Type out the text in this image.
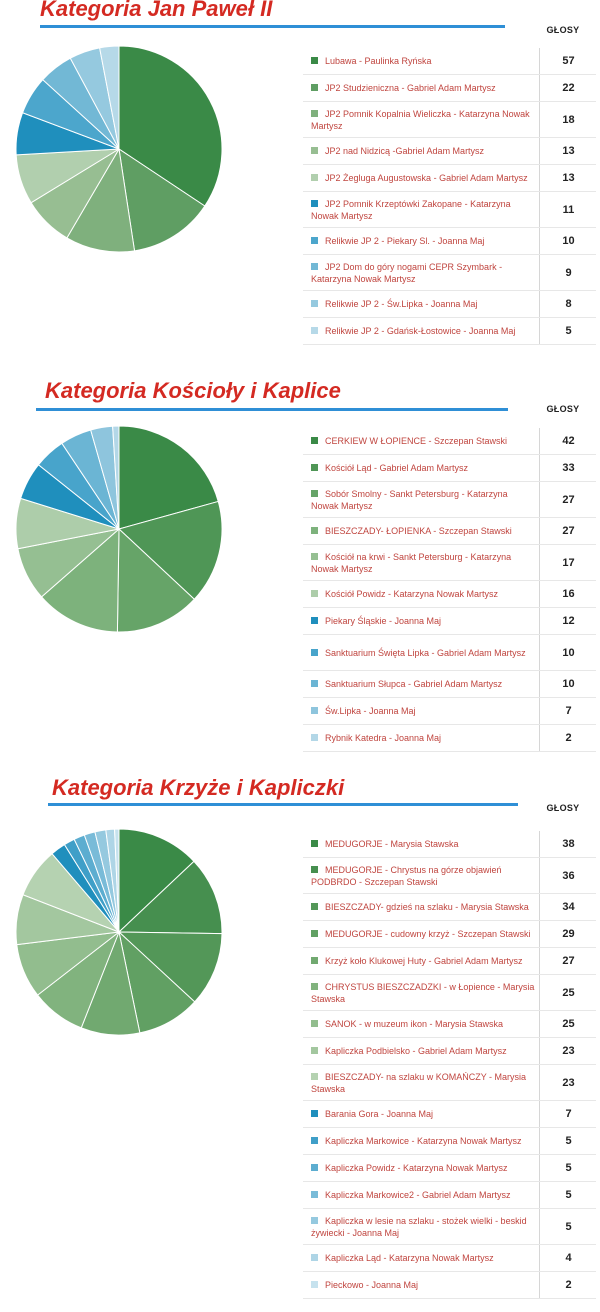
Kategoria Jan Paweł II
GŁOSY
Lubawa - Paulinka Ryńska	57
JP2 Studzieniczna - Gabriel Adam Martysz	22
JP2 Pomnik Kopalnia Wieliczka - Katarzyna Nowak Martysz	18
JP2 nad Nidzicą -Gabriel Adam Martysz	13
JP2 Żegluga Augustowska - Gabriel Adam Martysz	13
JP2 Pomnik Krzeptówki Zakopane - Katarzyna Nowak Martysz	11
Relikwie JP 2 - Piekary Sl. - Joanna Maj	10
JP2 Dom do góry nogami CEPR Szymbark - Katarzyna Nowak Martysz	9
Relikwie JP 2 - Św.Lipka - Joanna Maj	8
Relikwie JP 2 - Gdańsk-Łostowice - Joanna Maj	5
Kategoria Kościoły i Kaplice
GŁOSY
CERKIEW W ŁOPIENCE - Szczepan Stawski	42
Kościół Ląd - Gabriel Adam Martysz	33
Sobór Smolny - Sankt Petersburg - Katarzyna Nowak Martysz	27
BIESZCZADY- ŁOPIENKA - Szczepan Stawski	27
Kościół na krwi - Sankt Petersburg - Katarzyna Nowak Martysz	17
Kościół Powidz - Katarzyna Nowak Martysz	16
Piekary Śląskie - Joanna Maj	12
Sanktuarium Święta Lipka - Gabriel Adam Martysz	10
Sanktuarium Słupca - Gabriel Adam Martysz	10
Św.Lipka - Joanna Maj	7
Rybnik Katedra - Joanna Maj	2
Kategoria Krzyże i Kapliczki
GŁOSY
MEDUGORJE - Marysia Stawska	38
MEDUGORJE - Chrystus na górze objawień PODBRDO - Szczepan Stawski	36
BIESZCZADY- gdzieś na szlaku - Marysia Stawska	34
MEDUGORJE - cudowny krzyż - Szczepan Stawski	29
Krzyż koło Klukowej Huty - Gabriel Adam Martysz	27
CHRYSTUS BIESZCZADZKI - w Łopience - Marysia Stawska	25
SANOK - w muzeum ikon - Marysia Stawska	25
Kapliczka Podbielsko - Gabriel Adam Martysz	23
BIESZCZADY- na szlaku w KOMAŃCZY - Marysia Stawska	23
Barania Gora - Joanna Maj	7
Kapliczka Markowice - Katarzyna Nowak Martysz	5
Kapliczka Powidz - Katarzyna Nowak Martysz	5
Kapliczka Markowice2 - Gabriel Adam Martysz	5
Kapliczka w lesie na szlaku - stożek wielki - beskid żywiecki - Joanna Maj	5
Kapliczka Ląd - Katarzyna Nowak Martysz	4
Pieckowo - Joanna Maj	2
